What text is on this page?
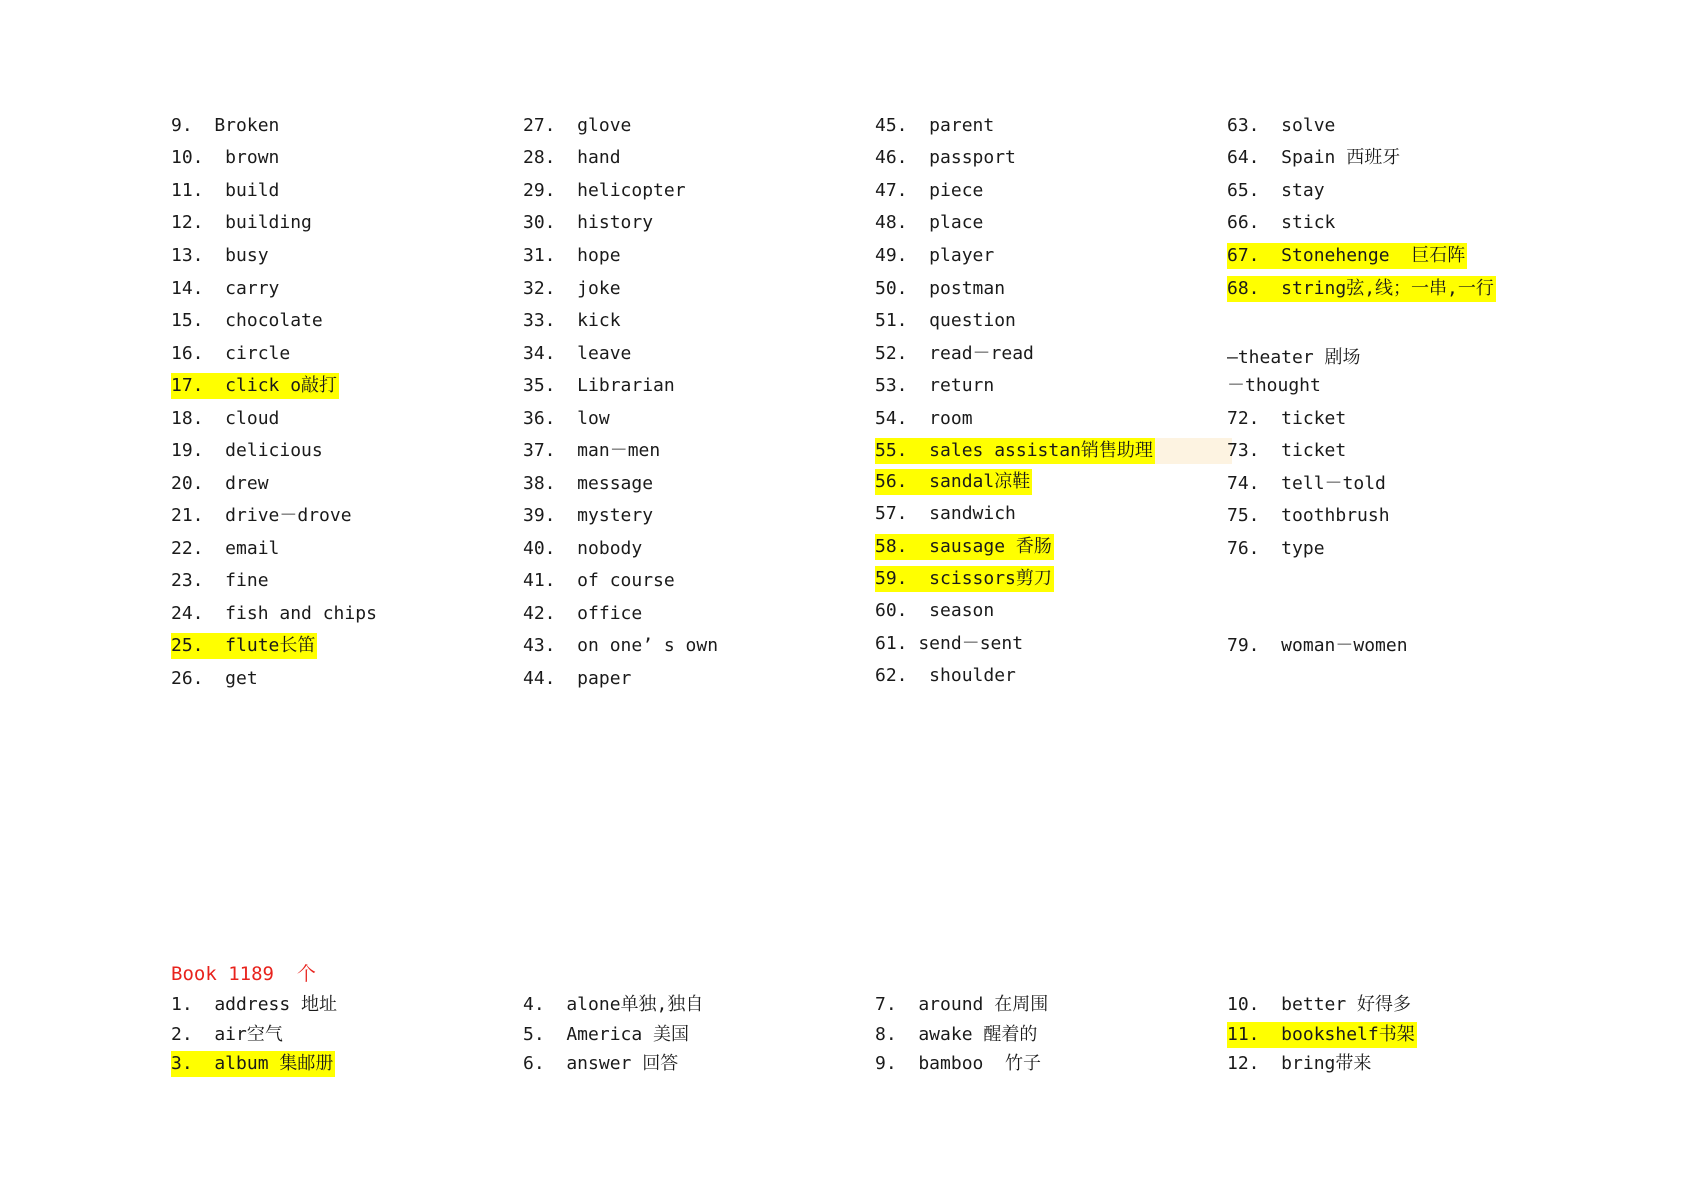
9.  Broken
10.  brown
11.  build
12.  building
13.  busy
14.  carry
15.  chocolate
16.  circle
17.  click o敲打
18.  cloud
19.  delicious
20.  drew
21.  drive－drove
22.  email
23.  fine
24.  fish and chips
25.  flute长笛
26.  get
27.  glove
28.  hand
29.  helicopter
30.  history
31.  hope
32.  joke
33.  kick
34.  leave
35.  Librarian
36.  low
37.  man－men
38.  message
39.  mystery
40.  nobody
41.  of course
42.  office
43.  on one’ s own
44.  paper
45.  parent
46.  passport
47.  piece
48.  place
49.  player
50.  postman
51.  question
52.  read－read
53.  return
54.  room
55.  sales assistan销售助理
56.  sandal凉鞋
57.  sandwich
58.  sausage 香肠
59.  scissors剪刀
60.  season
61. send－sent
62.  shoulder
63.  solve
64.  Spain 西班牙
65.  stay
66.  stick
67.  Stonehenge  巨石阵
68.  string弦,线；一串,一行
—theater 剧场
－thought
72.  ticket
73.  ticket
74.  tell－told
75.  toothbrush
76.  type
79.  woman－women
Book 1189  个
1.  address 地址
2.  air空气
3.  album 集邮册
4.  alone单独,独自
5.  America 美国
6.  answer 回答
7.  around 在周围
8.  awake 醒着的
9.  bamboo  竹子
10.  better 好得多
11.  bookshelf书架
12.  bring带来
